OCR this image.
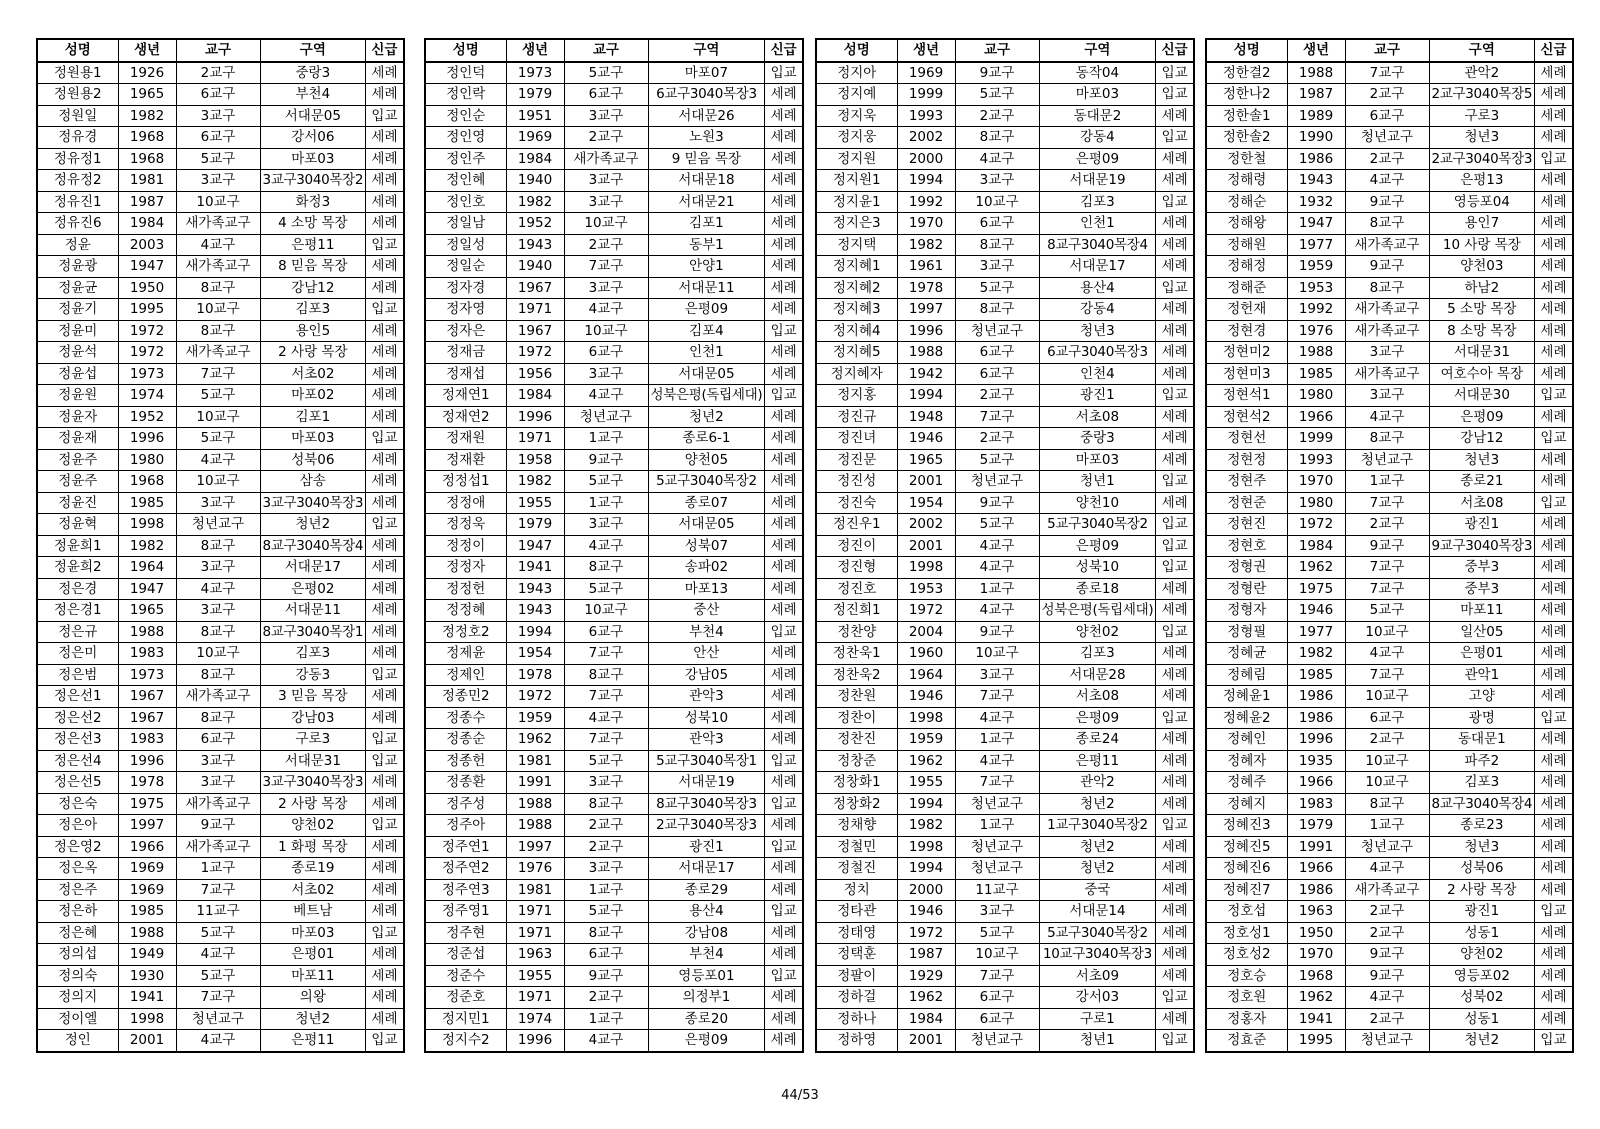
성명	생년	교구	구역	신급
정원용1	1926	2교구	중랑3	세례
정원용2	1965	6교구	부천4	세례
정원일	1982	3교구	서대문05	입교
정유경	1968	6교구	강서06	세례
정유정1	1968	5교구	마포03	세례
정유정2	1981	3교구	3교구3040목장2	세례
정유진1	1987	10교구	화정3	세례
정유진6	1984	새가족교구	4 소망 목장	세례
정윤	2003	4교구	은평11	입교
정윤광	1947	새가족교구	8 믿음 목장	세례
정윤균	1950	8교구	강남12	세례
정윤기	1995	10교구	김포3	입교
정윤미	1972	8교구	용인5	세례
정윤석	1972	새가족교구	2 사랑 목장	세례
정윤섭	1973	7교구	서초02	세례
정윤원	1974	5교구	마포02	세례
정윤자	1952	10교구	김포1	세례
정윤재	1996	5교구	마포03	입교
정윤주	1980	4교구	성북06	세례
정윤주	1968	10교구	삼송	세례
정윤진	1985	3교구	3교구3040목장3	세례
정윤혁	1998	청년교구	청년2	입교
정윤희1	1982	8교구	8교구3040목장4	세례
정윤희2	1964	3교구	서대문17	세례
정은경	1947	4교구	은평02	세례
정은경1	1965	3교구	서대문11	세례
정은규	1988	8교구	8교구3040목장1	세례
정은미	1983	10교구	김포3	세례
정은범	1973	8교구	강동3	입교
정은선1	1967	새가족교구	3 믿음 목장	세례
정은선2	1967	8교구	강남03	세례
정은선3	1983	6교구	구로3	입교
정은선4	1996	3교구	서대문31	입교
정은선5	1978	3교구	3교구3040목장3	세례
정은숙	1975	새가족교구	2 사랑 목장	세례
정은아	1997	9교구	양천02	입교
정은영2	1966	새가족교구	1 화평 목장	세례
정은옥	1969	1교구	종로19	세례
정은주	1969	7교구	서초02	세례
정은하	1985	11교구	베트남	세례
정은혜	1988	5교구	마포03	입교
정의섭	1949	4교구	은평01	세례
정의숙	1930	5교구	마포11	세례
정의지	1941	7교구	의왕	세례
정이엘	1998	청년교구	청년2	세례
정인	2001	4교구	은평11	입교
성명	생년	교구	구역	신급
정인덕	1973	5교구	마포07	입교
정인락	1979	6교구	6교구3040목장3	세례
정인순	1951	3교구	서대문26	세례
정인영	1969	2교구	노원3	세례
정인주	1984	새가족교구	9 믿음 목장	세례
정인혜	1940	3교구	서대문18	세례
정인호	1982	3교구	서대문21	세례
정일남	1952	10교구	김포1	세례
정일성	1943	2교구	동부1	세례
정일순	1940	7교구	안양1	세례
정자경	1967	3교구	서대문11	세례
정자영	1971	4교구	은평09	세례
정자은	1967	10교구	김포4	입교
정재금	1972	6교구	인천1	세례
정재섭	1956	3교구	서대문05	세례
정재연1	1984	4교구	성북은평(독립세대)	입교
정재연2	1996	청년교구	청년2	세례
정재원	1971	1교구	종로6-1	세례
정재환	1958	9교구	양천05	세례
정정섭1	1982	5교구	5교구3040목장2	세례
정정애	1955	1교구	종로07	세례
정정욱	1979	3교구	서대문05	세례
정정이	1947	4교구	성북07	세례
정정자	1941	8교구	송파02	세례
정정헌	1943	5교구	마포13	세례
정정혜	1943	10교구	중산	세례
정정호2	1994	6교구	부천4	입교
정제윤	1954	7교구	안산	세례
정제인	1978	8교구	강남05	세례
정종민2	1972	7교구	관악3	세례
정종수	1959	4교구	성북10	세례
정종순	1962	7교구	관악3	세례
정종헌	1981	5교구	5교구3040목장1	입교
정종환	1991	3교구	서대문19	세례
정주성	1988	8교구	8교구3040목장3	입교
정주아	1988	2교구	2교구3040목장3	세례
정주연1	1997	2교구	광진1	입교
정주연2	1976	3교구	서대문17	세례
정주연3	1981	1교구	종로29	세례
정주영1	1971	5교구	용산4	입교
정주현	1971	8교구	강남08	세례
정준섭	1963	6교구	부천4	세례
정준수	1955	9교구	영등포01	입교
정준호	1971	2교구	의정부1	세례
정지민1	1974	1교구	종로20	세례
정지수2	1996	4교구	은평09	세례
성명	생년	교구	구역	신급
정지아	1969	9교구	동작04	입교
정지예	1999	5교구	마포03	입교
정지욱	1993	2교구	동대문2	세례
정지웅	2002	8교구	강동4	입교
정지원	2000	4교구	은평09	세례
정지원1	1994	3교구	서대문19	세례
정지윤1	1992	10교구	김포3	입교
정지은3	1970	6교구	인천1	세례
정지택	1982	8교구	8교구3040목장4	세례
정지혜1	1961	3교구	서대문17	세례
정지혜2	1978	5교구	용산4	입교
정지혜3	1997	8교구	강동4	세례
정지혜4	1996	청년교구	청년3	세례
정지혜5	1988	6교구	6교구3040목장3	세례
정지혜자	1942	6교구	인천4	세례
정지홍	1994	2교구	광진1	입교
정진규	1948	7교구	서초08	세례
정진녀	1946	2교구	중랑3	세례
정진문	1965	5교구	마포03	세례
정진성	2001	청년교구	청년1	입교
정진숙	1954	9교구	양천10	세례
정진우1	2002	5교구	5교구3040목장2	입교
정진이	2001	4교구	은평09	입교
정진형	1998	4교구	성북10	입교
정진호	1953	1교구	종로18	세례
정진희1	1972	4교구	성북은평(독립세대)	세례
정찬양	2004	9교구	양천02	입교
정찬욱1	1960	10교구	김포3	세례
정찬욱2	1964	3교구	서대문28	세례
정찬원	1946	7교구	서초08	세례
정찬이	1998	4교구	은평09	입교
정찬진	1959	1교구	종로24	세례
정창준	1962	4교구	은평11	세례
정창화1	1955	7교구	관악2	세례
정창화2	1994	청년교구	청년2	세례
정채향	1982	1교구	1교구3040목장2	입교
정철민	1998	청년교구	청년2	세례
정철진	1994	청년교구	청년2	세례
정치	2000	11교구	중국	세례
정타관	1946	3교구	서대문14	세례
정태영	1972	5교구	5교구3040목장2	세례
정택훈	1987	10교구	10교구3040목장3	세례
정팔이	1929	7교구	서초09	세례
정하걸	1962	6교구	강서03	입교
정하나	1984	6교구	구로1	세례
정하영	2001	청년교구	청년1	입교
성명	생년	교구	구역	신급
정한결2	1988	7교구	관악2	세례
정한나2	1987	2교구	2교구3040목장5	세례
정한솔1	1989	6교구	구로3	세례
정한솔2	1990	청년교구	청년3	세례
정한철	1986	2교구	2교구3040목장3	입교
정해령	1943	4교구	은평13	세례
정해순	1932	9교구	영등포04	세례
정해왕	1947	8교구	용인7	세례
정해원	1977	새가족교구	10 사랑 목장	세례
정해정	1959	9교구	양천03	세례
정해준	1953	8교구	하남2	세례
정헌재	1992	새가족교구	5 소망 목장	세례
정현경	1976	새가족교구	8 소망 목장	세례
정현미2	1988	3교구	서대문31	세례
정현미3	1985	새가족교구	여호수아 목장	세례
정현석1	1980	3교구	서대문30	입교
정현석2	1966	4교구	은평09	세례
정현선	1999	8교구	강남12	입교
정현정	1993	청년교구	청년3	세례
정현주	1970	1교구	종로21	세례
정현준	1980	7교구	서초08	입교
정현진	1972	2교구	광진1	세례
정현호	1984	9교구	9교구3040목장3	세례
정형권	1962	7교구	중부3	세례
정형란	1975	7교구	중부3	세례
정형자	1946	5교구	마포11	세례
정형필	1977	10교구	일산05	세례
정혜균	1982	4교구	은평01	세례
정혜림	1985	7교구	관악1	세례
정혜윤1	1986	10교구	고양	세례
정혜윤2	1986	6교구	광명	입교
정혜인	1996	2교구	동대문1	세례
정혜자	1935	10교구	파주2	세례
정혜주	1966	10교구	김포3	세례
정혜지	1983	8교구	8교구3040목장4	세례
정혜진3	1979	1교구	종로23	세례
정혜진5	1991	청년교구	청년3	세례
정혜진6	1966	4교구	성북06	세례
정혜진7	1986	새가족교구	2 사랑 목장	세례
정호섭	1963	2교구	광진1	입교
정호성1	1950	2교구	성동1	세례
정호성2	1970	9교구	양천02	세례
정호승	1968	9교구	영등포02	세례
정호원	1962	4교구	성북02	세례
정홍자	1941	2교구	성동1	세례
정효준	1995	청년교구	청년2	입교
44/53
